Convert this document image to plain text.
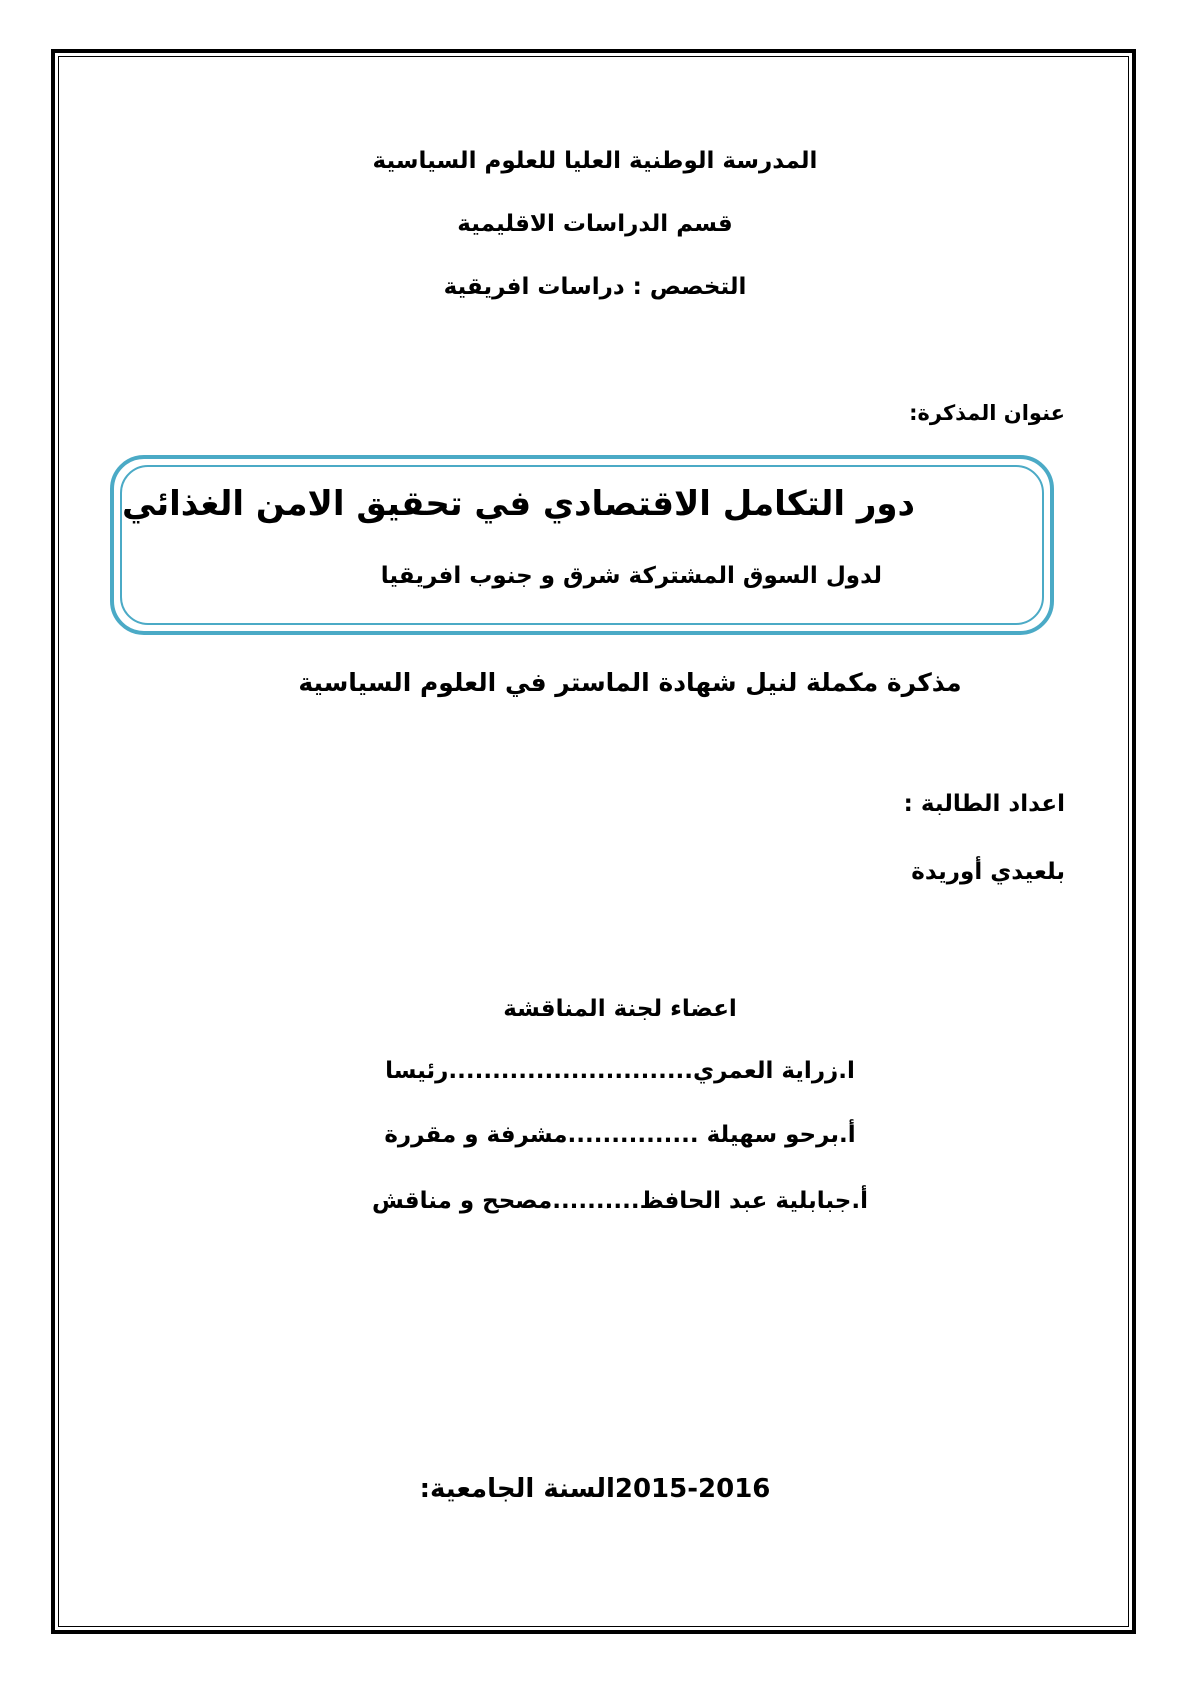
المدرسة الوطنية العليا للعلوم السياسية
قسم الدراسات الاقليمية
التخصص : دراسات افريقية
عنوان المذكرة:
دور التكامل الاقتصادي في تحقيق الامن الغذائي
لدول السوق المشتركة شرق و جنوب افريقيا
مذكرة مكملة لنيل شهادة الماستر في العلوم السياسية
اعداد الطالبة :
بلعيدي أوريدة
اعضاء لجنة المناقشة
ا.زراية العمري............................رئيسا
أ.برحو سهيلة ...............مشرفة و مقررة
أ.جبابلية عبد الحافظ..........مصحح و مناقش
السنة الجامعية:2015-2016
